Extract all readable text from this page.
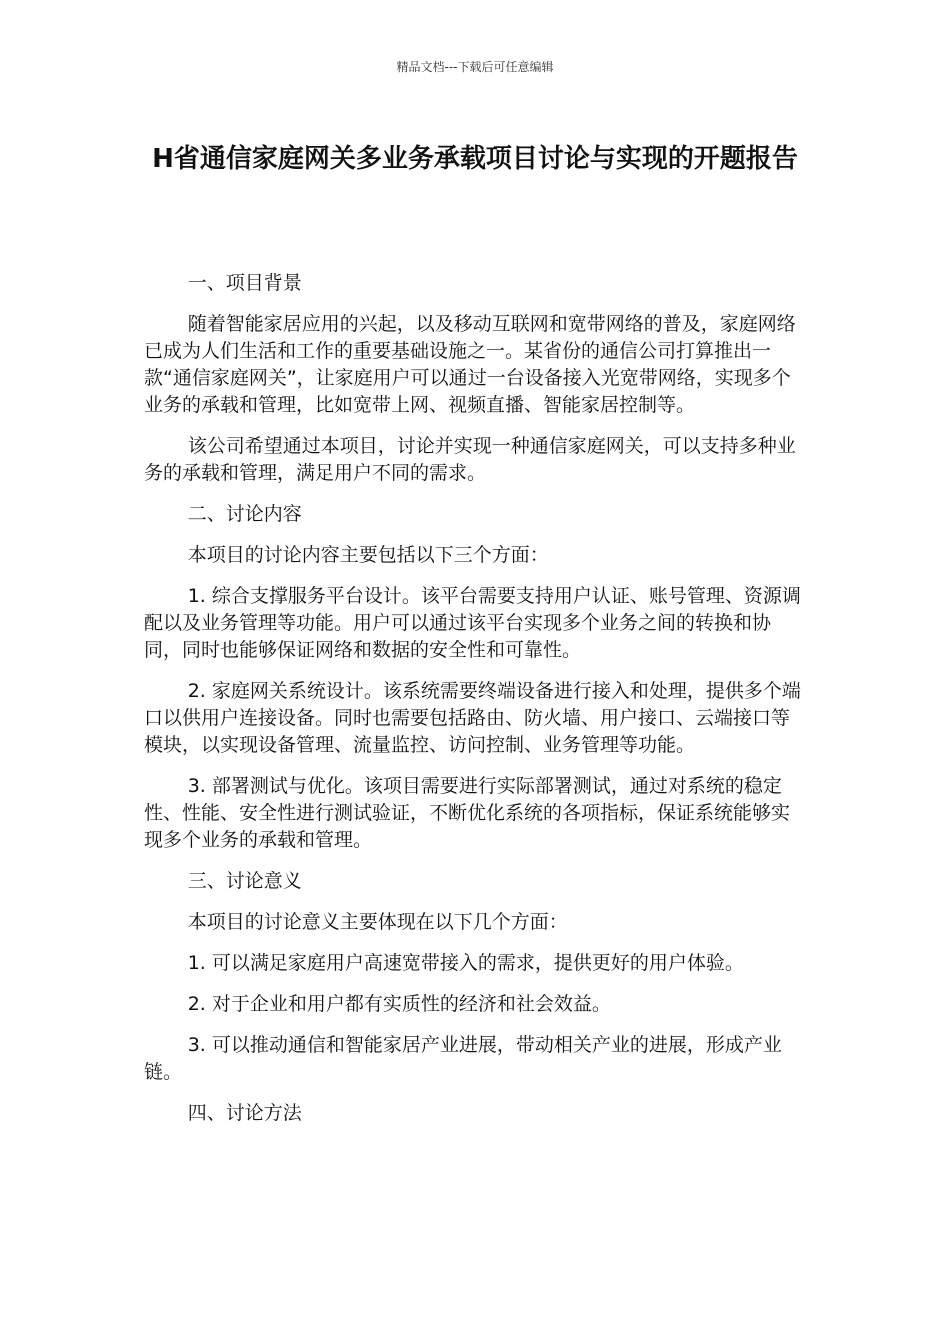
精品文档---下载后可任意编辑
H省通信家庭网关多业务承载项目讨论与实现的开题报告

一、项目背景

随着智能家居应用的兴起，以及移动互联网和宽带网络的普及，家庭网络已成为人们生活和工作的重要基础设施之一。某省份的通信公司打算推出一款“通信家庭网关”，让家庭用户可以通过一台设备接入光宽带网络，实现多个业务的承载和管理，比如宽带上网、视频直播、智能家居控制等。

该公司希望通过本项目，讨论并实现一种通信家庭网关，可以支持多种业务的承载和管理，满足用户不同的需求。

二、讨论内容

本项目的讨论内容主要包括以下三个方面：

1. 综合支撑服务平台设计。该平台需要支持用户认证、账号管理、资源调配以及业务管理等功能。用户可以通过该平台实现多个业务之间的转换和协同，同时也能够保证网络和数据的安全性和可靠性。

2. 家庭网关系统设计。该系统需要终端设备进行接入和处理，提供多个端口以供用户连接设备。同时也需要包括路由、防火墙、用户接口、云端接口等模块，以实现设备管理、流量监控、访问控制、业务管理等功能。

3. 部署测试与优化。该项目需要进行实际部署测试，通过对系统的稳定性、性能、安全性进行测试验证，不断优化系统的各项指标，保证系统能够实现多个业务的承载和管理。

三、讨论意义

本项目的讨论意义主要体现在以下几个方面：

1. 可以满足家庭用户高速宽带接入的需求，提供更好的用户体验。

2. 对于企业和用户都有实质性的经济和社会效益。

3. 可以推动通信和智能家居产业进展，带动相关产业的进展，形成产业链。

四、讨论方法
